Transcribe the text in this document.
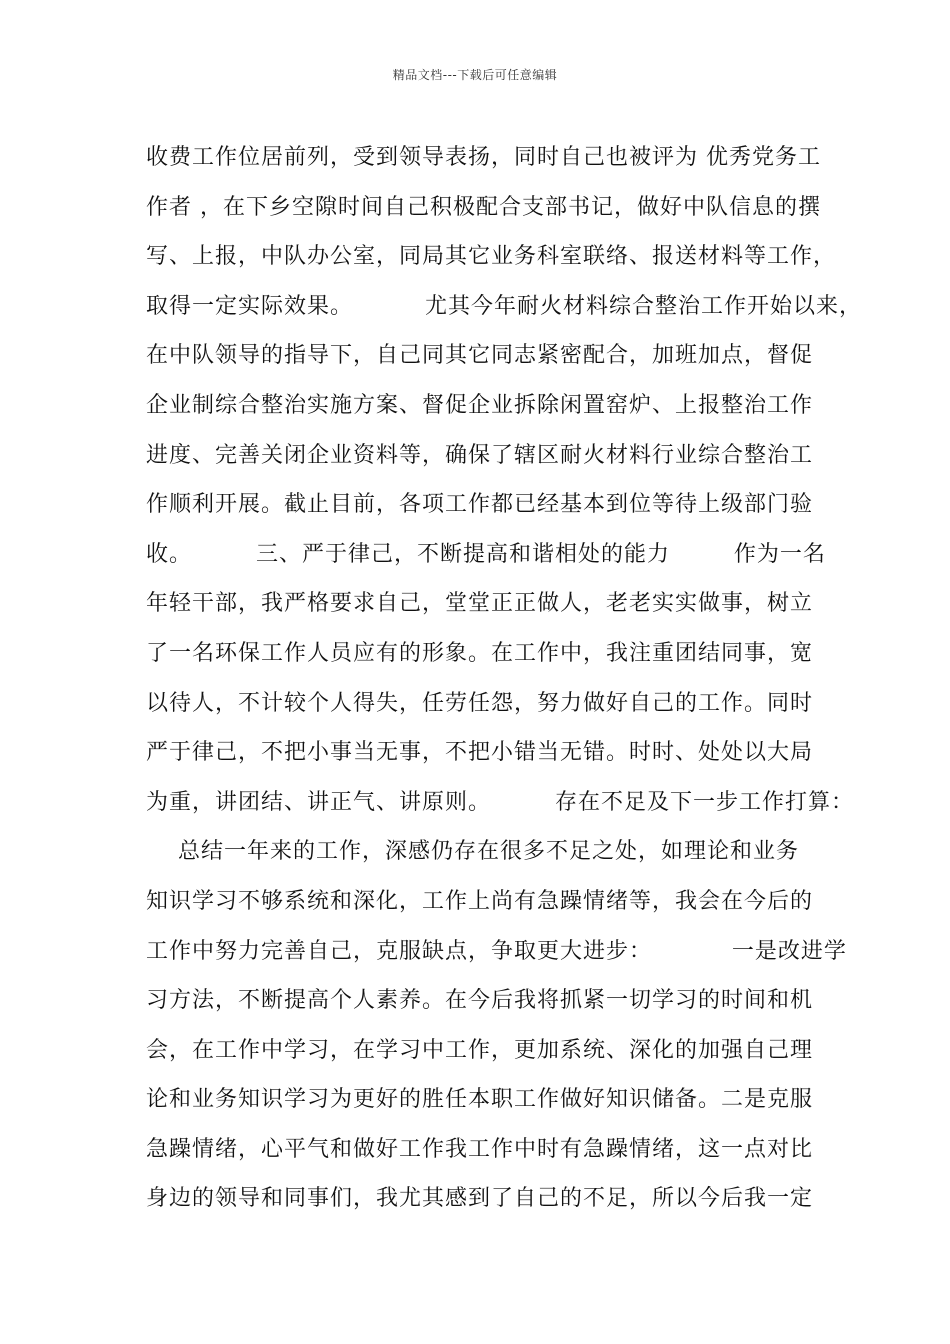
精品文档---下载后可任意编辑
收费工作位居前列，受到领导表扬，同时自己也被评为 优秀党务工
作者 ，在下乡空隙时间自己积极配合支部书记，做好中队信息的撰
写、上报，中队办公室，同局其它业务科室联络、报送材料等工作，
取得一定实际效果。         尤其今年耐火材料综合整治工作开始以来，
在中队领导的指导下，自己同其它同志紧密配合，加班加点，督促
企业制综合整治实施方案、督促企业拆除闲置窑炉、上报整治工作
进度、完善关闭企业资料等，确保了辖区耐火材料行业综合整治工
作顺利开展。截止目前，各项工作都已经基本到位等待上级部门验
收。        三、严于律己，不断提高和谐相处的能力        作为一名
年轻干部，我严格要求自己，堂堂正正做人，老老实实做事，树立
了一名环保工作人员应有的形象。在工作中，我注重团结同事，宽
以待人，不计较个人得失，任劳任怨，努力做好自己的工作。同时
严于律己，不把小事当无事，不把小错当无错。时时、处处以大局
为重，讲团结、讲正气、讲原则。        存在不足及下一步工作打算：
总结一年来的工作，深感仍存在很多不足之处，如理论和业务
知识学习不够系统和深化，工作上尚有急躁情绪等，我会在今后的
工作中努力完善自己，克服缺点，争取更大进步：          一是改进学
习方法，不断提高个人素养。在今后我将抓紧一切学习的时间和机
会，在工作中学习，在学习中工作，更加系统、深化的加强自己理
论和业务知识学习为更好的胜任本职工作做好知识储备。二是克服
急躁情绪，心平气和做好工作我工作中时有急躁情绪，这一点对比
身边的领导和同事们，我尤其感到了自己的不足，所以今后我一定
